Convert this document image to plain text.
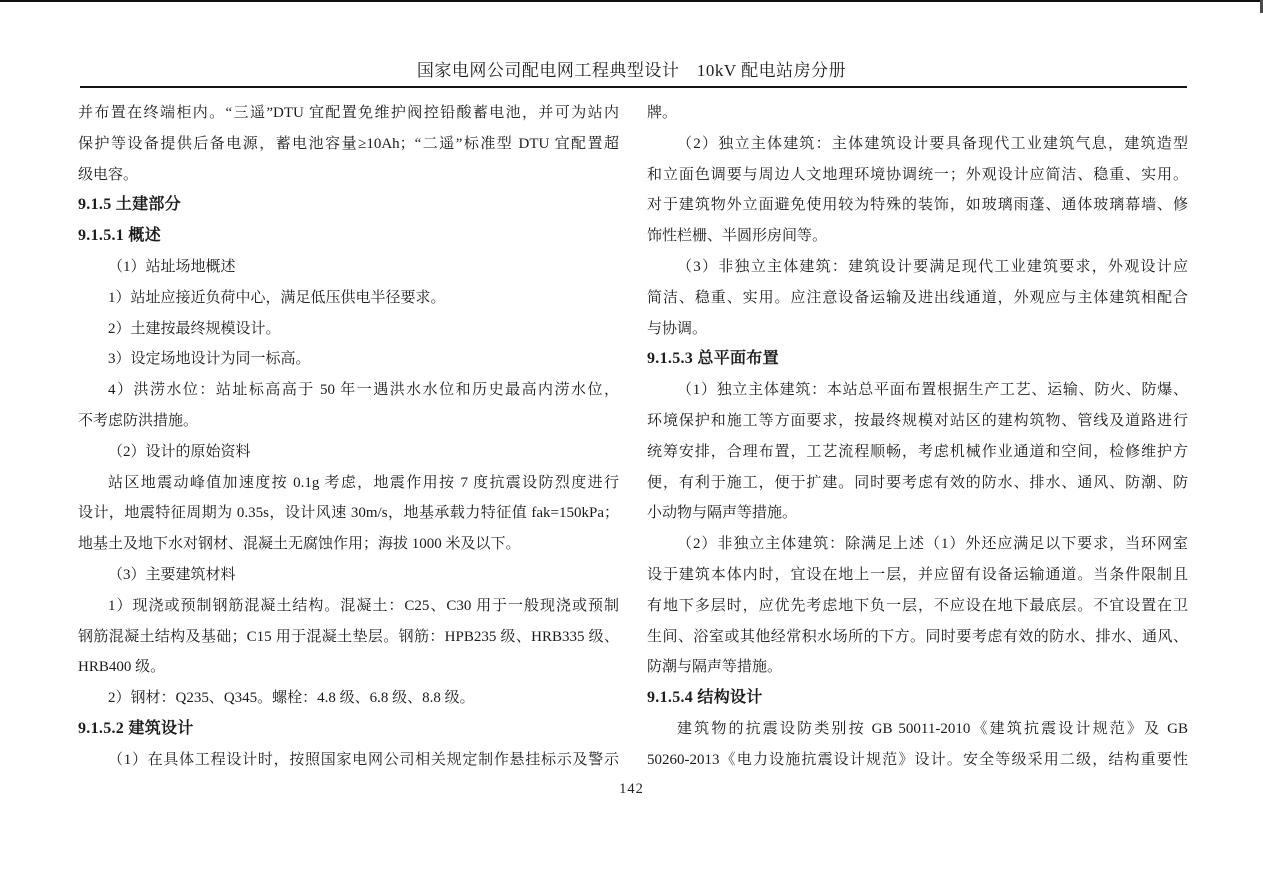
国家电网公司配电网工程典型设计　10kV 配电站房分册
并布置在终端柜内。“三遥”DTU 宜配置免维护阀控铅酸蓄电池，并可为站内
保护等设备提供后备电源，蓄电池容量≥10Ah；“二遥”标准型 DTU 宜配置超
级电容。
9.1.5 土建部分
9.1.5.1 概述
（1）站址场地概述
1）站址应接近负荷中心，满足低压供电半径要求。
2）土建按最终规模设计。
3）设定场地设计为同一标高。
4）洪涝水位：站址标高高于 50 年一遇洪水水位和历史最高内涝水位，
不考虑防洪措施。
（2）设计的原始资料
站区地震动峰值加速度按 0.1g 考虑，地震作用按 7 度抗震设防烈度进行
设计，地震特征周期为 0.35s，设计风速 30m/s，地基承载力特征值 fak=150kPa；
地基土及地下水对钢材、混凝土无腐蚀作用；海拔 1000 米及以下。
（3）主要建筑材料
1）现浇或预制钢筋混凝土结构。混凝土：C25、C30 用于一般现浇或预制
钢筋混凝土结构及基础；C15 用于混凝土垫层。钢筋：HPB235 级、HRB335 级、
HRB400 级。
2）钢材：Q235、Q345。螺栓：4.8 级、6.8 级、8.8 级。
9.1.5.2 建筑设计
（1）在具体工程设计时，按照国家电网公司相关规定制作悬挂标示及警示
牌。
（2）独立主体建筑：主体建筑设计要具备现代工业建筑气息，建筑造型
和立面色调要与周边人文地理环境协调统一；外观设计应简洁、稳重、实用。
对于建筑物外立面避免使用较为特殊的装饰，如玻璃雨蓬、通体玻璃幕墙、修
饰性栏栅、半圆形房间等。
（3）非独立主体建筑：建筑设计要满足现代工业建筑要求，外观设计应
简洁、稳重、实用。应注意设备运输及进出线通道，外观应与主体建筑相配合
与协调。
9.1.5.3 总平面布置
（1）独立主体建筑：本站总平面布置根据生产工艺、运输、防火、防爆、
环境保护和施工等方面要求，按最终规模对站区的建构筑物、管线及道路进行
统筹安排，合理布置，工艺流程顺畅，考虑机械作业通道和空间，检修维护方
便，有利于施工，便于扩建。同时要考虑有效的防水、排水、通风、防潮、防
小动物与隔声等措施。
（2）非独立主体建筑：除满足上述（1）外还应满足以下要求，当环网室
设于建筑本体内时，宜设在地上一层，并应留有设备运输通道。当条件限制且
有地下多层时，应优先考虑地下负一层，不应设在地下最底层。不宜设置在卫
生间、浴室或其他经常积水场所的下方。同时要考虑有效的防水、排水、通风、
防潮与隔声等措施。
9.1.5.4 结构设计
建筑物的抗震设防类别按 GB 50011-2010《建筑抗震设计规范》及 GB
50260-2013《电力设施抗震设计规范》设计。安全等级采用二级，结构重要性
142
